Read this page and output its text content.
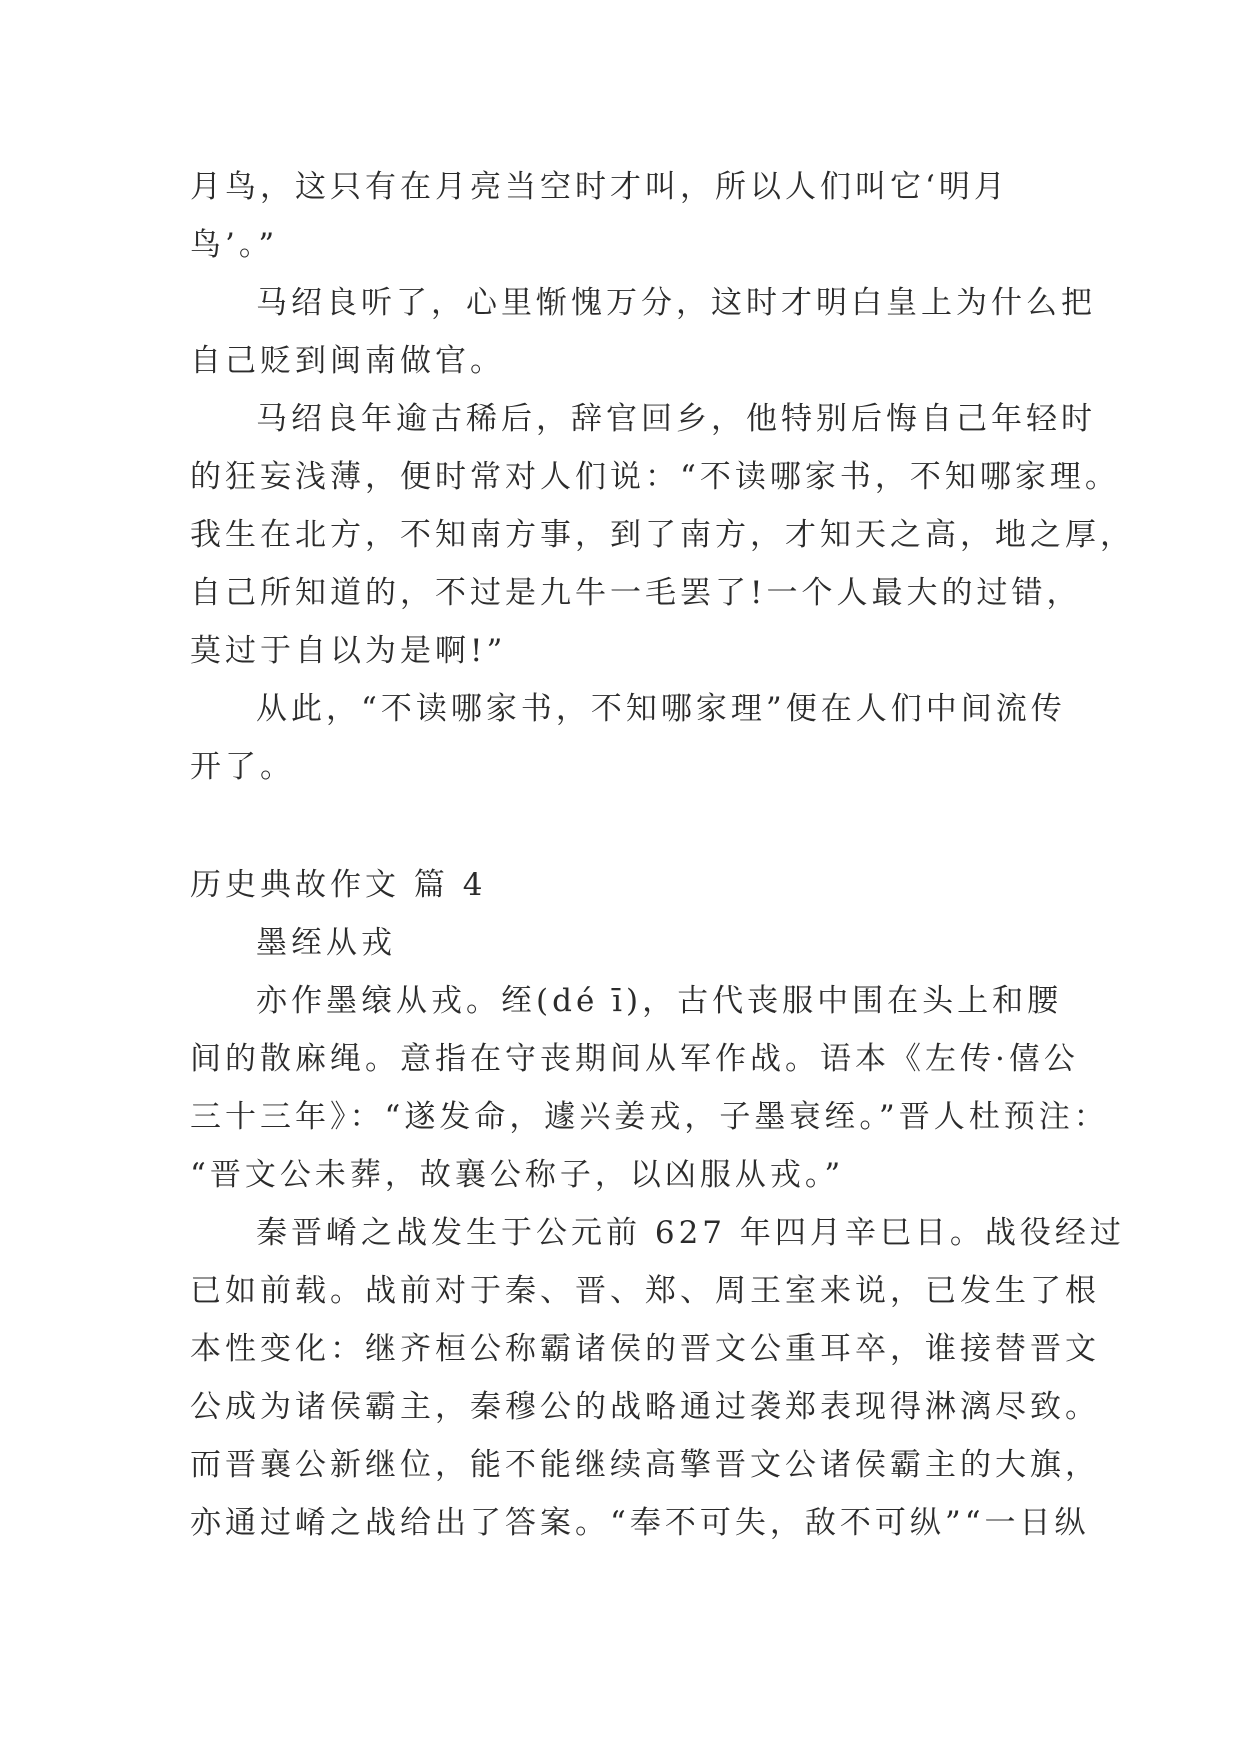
月鸟，这只有在月亮当空时才叫，所以人们叫它‘明月

鸟’。”

马绍良听了，心里惭愧万分，这时才明白皇上为什么把

自己贬到闽南做官。

马绍良年逾古稀后，辞官回乡，他特别后悔自己年轻时

的狂妄浅薄，便时常对人们说：“不读哪家书，不知哪家理。

我生在北方，不知南方事，到了南方，才知天之高，地之厚，

自己所知道的，不过是九牛一毛罢了!一个人最大的过错，

莫过于自以为是啊!”

从此，“不读哪家书，不知哪家理”便在人们中间流传

开了。

历史典故作文 篇 4

墨绖从戎

亦作墨缞从戎。绖(dé ī)，古代丧服中围在头上和腰

间的散麻绳。意指在守丧期间从军作战。语本《左传·僖公

三十三年》：“遂发命，遽兴姜戎，子墨衰绖。”晋人杜预注：

“晋文公未葬，故襄公称子，以凶服从戎。”

秦晋崤之战发生于公元前 627 年四月辛巳日。战役经过

已如前载。战前对于秦、晋、郑、周王室来说，已发生了根

本性变化：继齐桓公称霸诸侯的晋文公重耳卒，谁接替晋文

公成为诸侯霸主，秦穆公的战略通过袭郑表现得淋漓尽致。

而晋襄公新继位，能不能继续高擎晋文公诸侯霸主的大旗，

亦通过崤之战给出了答案。“奉不可失，敌不可纵”“一日纵
